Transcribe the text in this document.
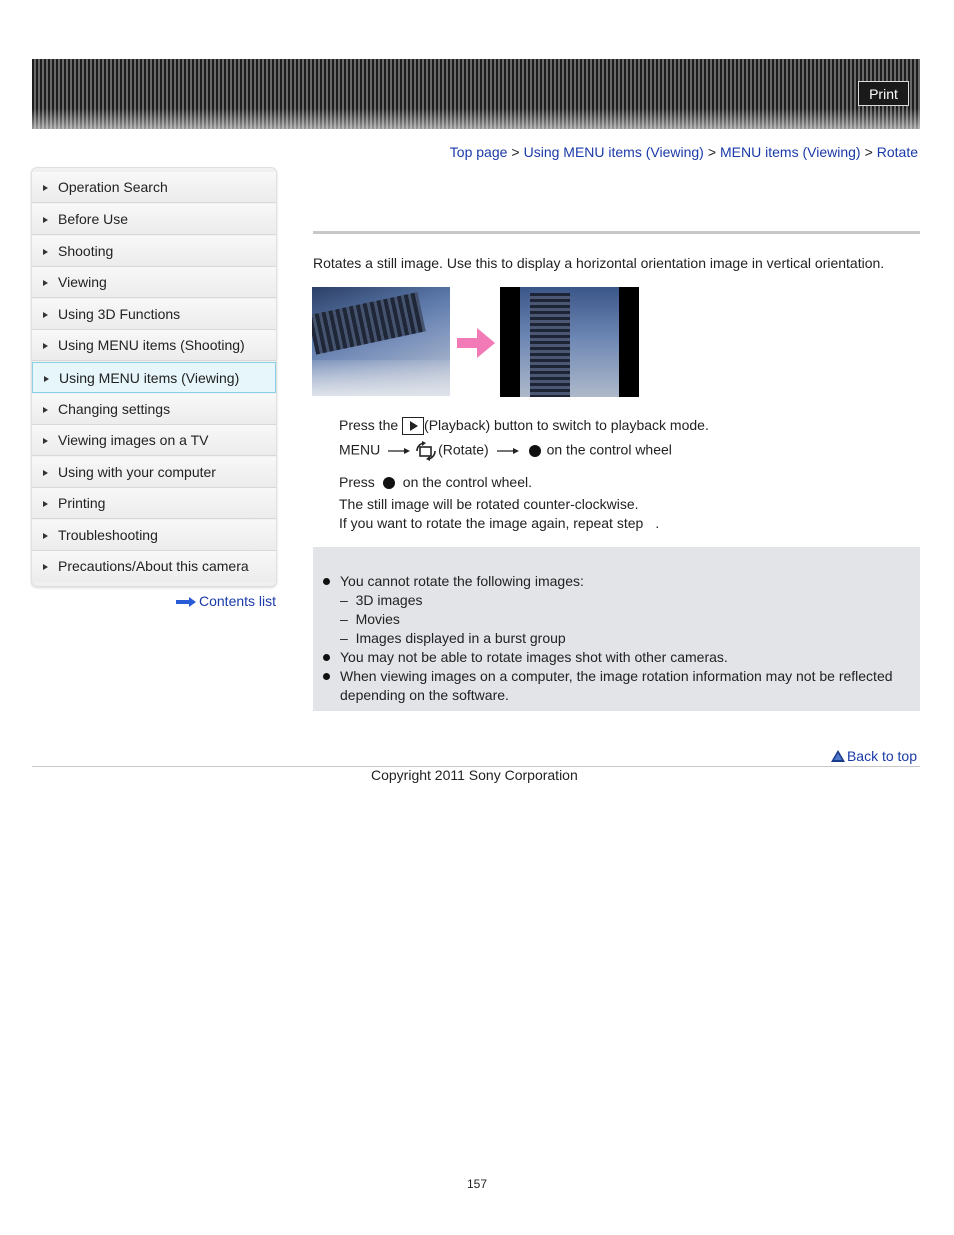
Print
Top page > Using MENU items (Viewing) > MENU items (Viewing) > Rotate
Operation Search
Before Use
Shooting
Viewing
Using 3D Functions
Using MENU items (Shooting)
Using MENU items (Viewing)
Changing settings
Viewing images on a TV
Using with your computer
Printing
Troubleshooting
Precautions/About this camera
Contents list
Rotates a still image. Use this to display a horizontal orientation image in vertical orientation.
Press the (Playback) button to switch to playback mode.
MENU	(Rotate)	on the control wheel
Press on the control wheel.
The still image will be rotated counter-clockwise.
If you want to rotate the image again, repeat step .
You cannot rotate the following images:
– 3D images
– Movies
– Images displayed in a burst group
You may not be able to rotate images shot with other cameras.
When viewing images on a computer, the image rotation information may not be reflected
depending on the software.
Back to top
Copyright 2011 Sony Corporation
157
